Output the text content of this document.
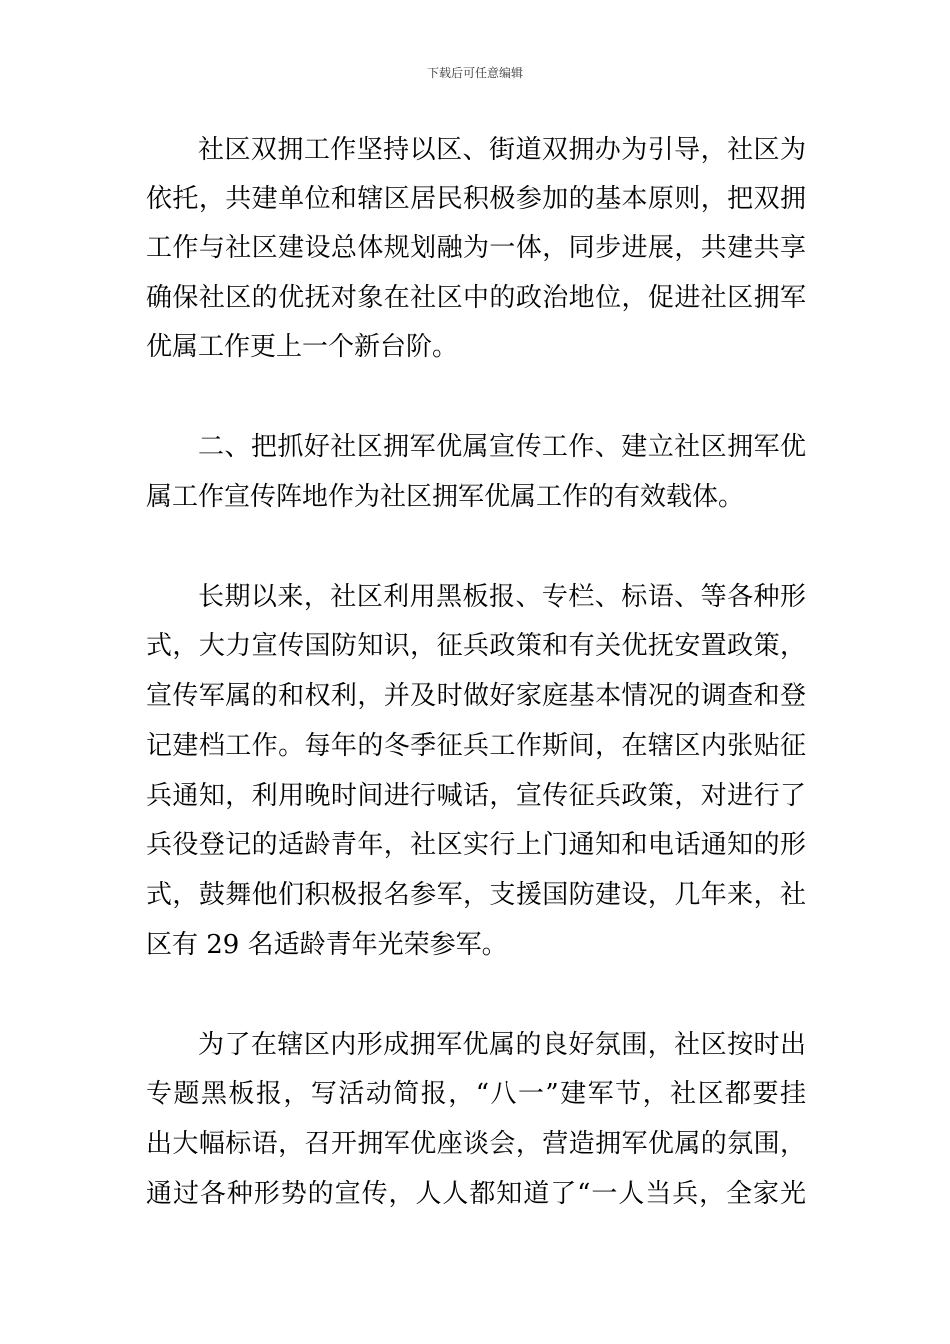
下载后可任意编辑
社区双拥工作坚持以区、街道双拥办为引导，社区为
依托，共建单位和辖区居民积极参加的基本原则，把双拥
工作与社区建设总体规划融为一体，同步进展，共建共享
确保社区的优抚对象在社区中的政治地位，促进社区拥军
优属工作更上一个新台阶。
二、把抓好社区拥军优属宣传工作、建立社区拥军优
属工作宣传阵地作为社区拥军优属工作的有效载体。
长期以来，社区利用黑板报、专栏、标语、等各种形
式，大力宣传国防知识，征兵政策和有关优抚安置政策，
宣传军属的和权利，并及时做好家庭基本情况的调查和登
记建档工作。每年的冬季征兵工作斯间，在辖区内张贴征
兵通知，利用晚时间进行喊话，宣传征兵政策，对进行了
兵役登记的适龄青年，社区实行上门通知和电话通知的形
式，鼓舞他们积极报名参军，支援国防建设，几年来，社
区有 29 名适龄青年光荣参军。
为了在辖区内形成拥军优属的良好氛围，社区按时出
专题黑板报，写活动简报，“八一”建军节，社区都要挂
出大幅标语，召开拥军优座谈会，营造拥军优属的氛围，
通过各种形势的宣传，人人都知道了“一人当兵，全家光
